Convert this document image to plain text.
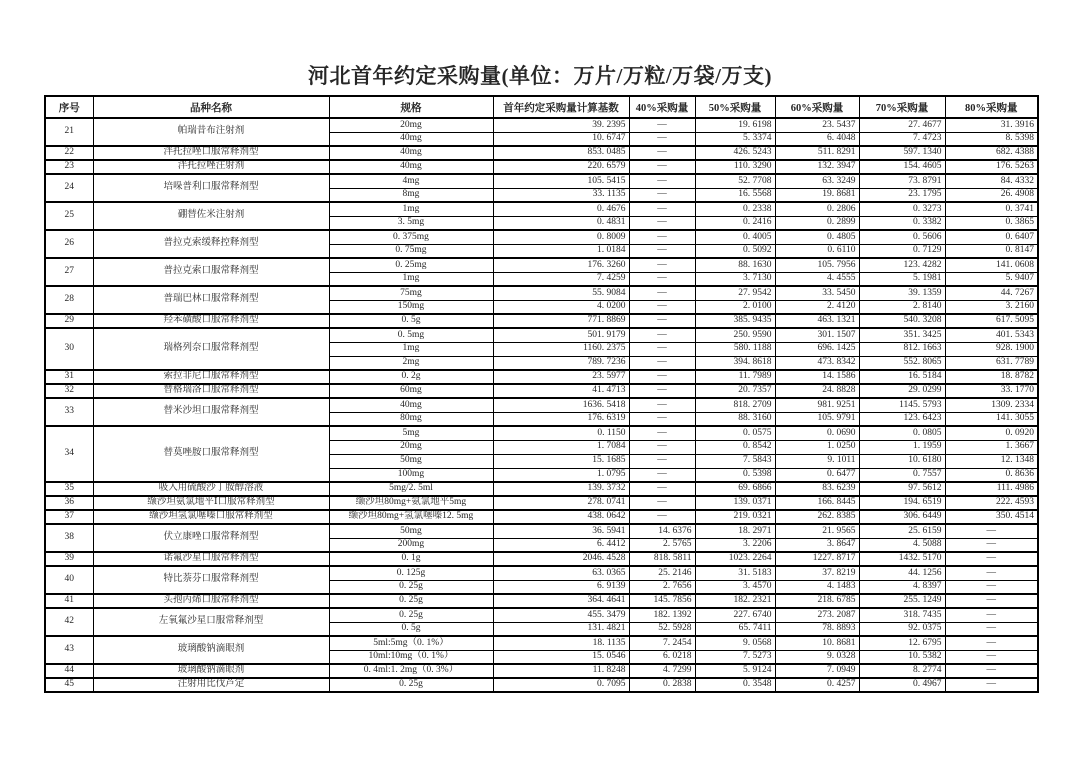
河北首年约定采购量(单位：万片/万粒/万袋/万支)
序号	品种名称	规格	首年约定采购量计算基数	40%采购量	50%采购量	60%采购量	70%采购量	80%采购量
21	帕瑞昔布注射剂	20mg	39. 2395	—	19. 6198	23. 5437	27. 4677	31. 3916
		40mg	10. 6747	—	5. 3374	6. 4048	7. 4723	8. 5398
22	泮托拉唑口服常释剂型	40mg	853. 0485	—	426. 5243	511. 8291	597. 1340	682. 4388
23	泮托拉唑注射剂	40mg	220. 6579	—	110. 3290	132. 3947	154. 4605	176. 5263
24	培哚普利口服常释剂型	4mg	105. 5415	—	52. 7708	63. 3249	73. 8791	84. 4332
		8mg	33. 1135	—	16. 5568	19. 8681	23. 1795	26. 4908
25	硼替佐米注射剂	1mg	0. 4676	—	0. 2338	0. 2806	0. 3273	0. 3741
		3. 5mg	0. 4831	—	0. 2416	0. 2899	0. 3382	0. 3865
26	普拉克索缓释控释剂型	0. 375mg	0. 8009	—	0. 4005	0. 4805	0. 5606	0. 6407
		0. 75mg	1. 0184	—	0. 5092	0. 6110	0. 7129	0. 8147
27	普拉克索口服常释剂型	0. 25mg	176. 3260	—	88. 1630	105. 7956	123. 4282	141. 0608
		1mg	7. 4259	—	3. 7130	4. 4555	5. 1981	5. 9407
28	普瑞巴林口服常释剂型	75mg	55. 9084	—	27. 9542	33. 5450	39. 1359	44. 7267
		150mg	4. 0200	—	2. 0100	2. 4120	2. 8140	3. 2160
29	羟苯磺酸口服常释剂型	0. 5g	771. 8869	—	385. 9435	463. 1321	540. 3208	617. 5095
30	瑞格列奈口服常释剂型	0. 5mg	501. 9179	—	250. 9590	301. 1507	351. 3425	401. 5343
		1mg	1160. 2375	—	580. 1188	696. 1425	812. 1663	928. 1900
		2mg	789. 7236	—	394. 8618	473. 8342	552. 8065	631. 7789
31	索拉非尼口服常释剂型	0. 2g	23. 5977	—	11. 7989	14. 1586	16. 5184	18. 8782
32	替格瑞洛口服常释剂型	60mg	41. 4713	—	20. 7357	24. 8828	29. 0299	33. 1770
33	替米沙坦口服常释剂型	40mg	1636. 5418	—	818. 2709	981. 9251	1145. 5793	1309. 2334
		80mg	176. 6319	—	88. 3160	105. 9791	123. 6423	141. 3055
34	替莫唑胺口服常释剂型	5mg	0. 1150	—	0. 0575	0. 0690	0. 0805	0. 0920
		20mg	1. 7084	—	0. 8542	1. 0250	1. 1959	1. 3667
		50mg	15. 1685	—	7. 5843	9. 1011	10. 6180	12. 1348
		100mg	1. 0795	—	0. 5398	0. 6477	0. 7557	0. 8636
35	吸入用硫酸沙丁胺醇溶液	5mg/2. 5ml	139. 3732	—	69. 6866	83. 6239	97. 5612	111. 4986
36	缬沙坦氨氯地平Ⅰ口服常释剂型	缬沙坦80mg+氨氯地平5mg	278. 0741	—	139. 0371	166. 8445	194. 6519	222. 4593
37	缬沙坦氢氯噻嗪口服常释剂型	缬沙坦80mg+氢氯噻嗪12. 5mg	438. 0642	—	219. 0321	262. 8385	306. 6449	350. 4514
38	伏立康唑口服常释剂型	50mg	36. 5941	14. 6376	18. 2971	21. 9565	25. 6159	—
		200mg	6. 4412	2. 5765	3. 2206	3. 8647	4. 5088	—
39	诺氟沙星口服常释剂型	0. 1g	2046. 4528	818. 5811	1023. 2264	1227. 8717	1432. 5170	—
40	特比萘芬口服常释剂型	0. 125g	63. 0365	25. 2146	31. 5183	37. 8219	44. 1256	—
		0. 25g	6. 9139	2. 7656	3. 4570	4. 1483	4. 8397	—
41	头孢丙烯口服常释剂型	0. 25g	364. 4641	145. 7856	182. 2321	218. 6785	255. 1249	—
42	左氧氟沙星口服常释剂型	0. 25g	455. 3479	182. 1392	227. 6740	273. 2087	318. 7435	—
		0. 5g	131. 4821	52. 5928	65. 7411	78. 8893	92. 0375	—
43	玻璃酸钠滴眼剂	5ml:5mg（0. 1%）	18. 1135	7. 2454	9. 0568	10. 8681	12. 6795	—
		10ml:10mg（0. 1%）	15. 0546	6. 0218	7. 5273	9. 0328	10. 5382	—
44	玻璃酸钠滴眼剂	0. 4ml:1. 2mg（0. 3%）	11. 8248	4. 7299	5. 9124	7. 0949	8. 2774	—
45	注射用比伐芦定	0. 25g	0. 7095	0. 2838	0. 3548	0. 4257	0. 4967	—
